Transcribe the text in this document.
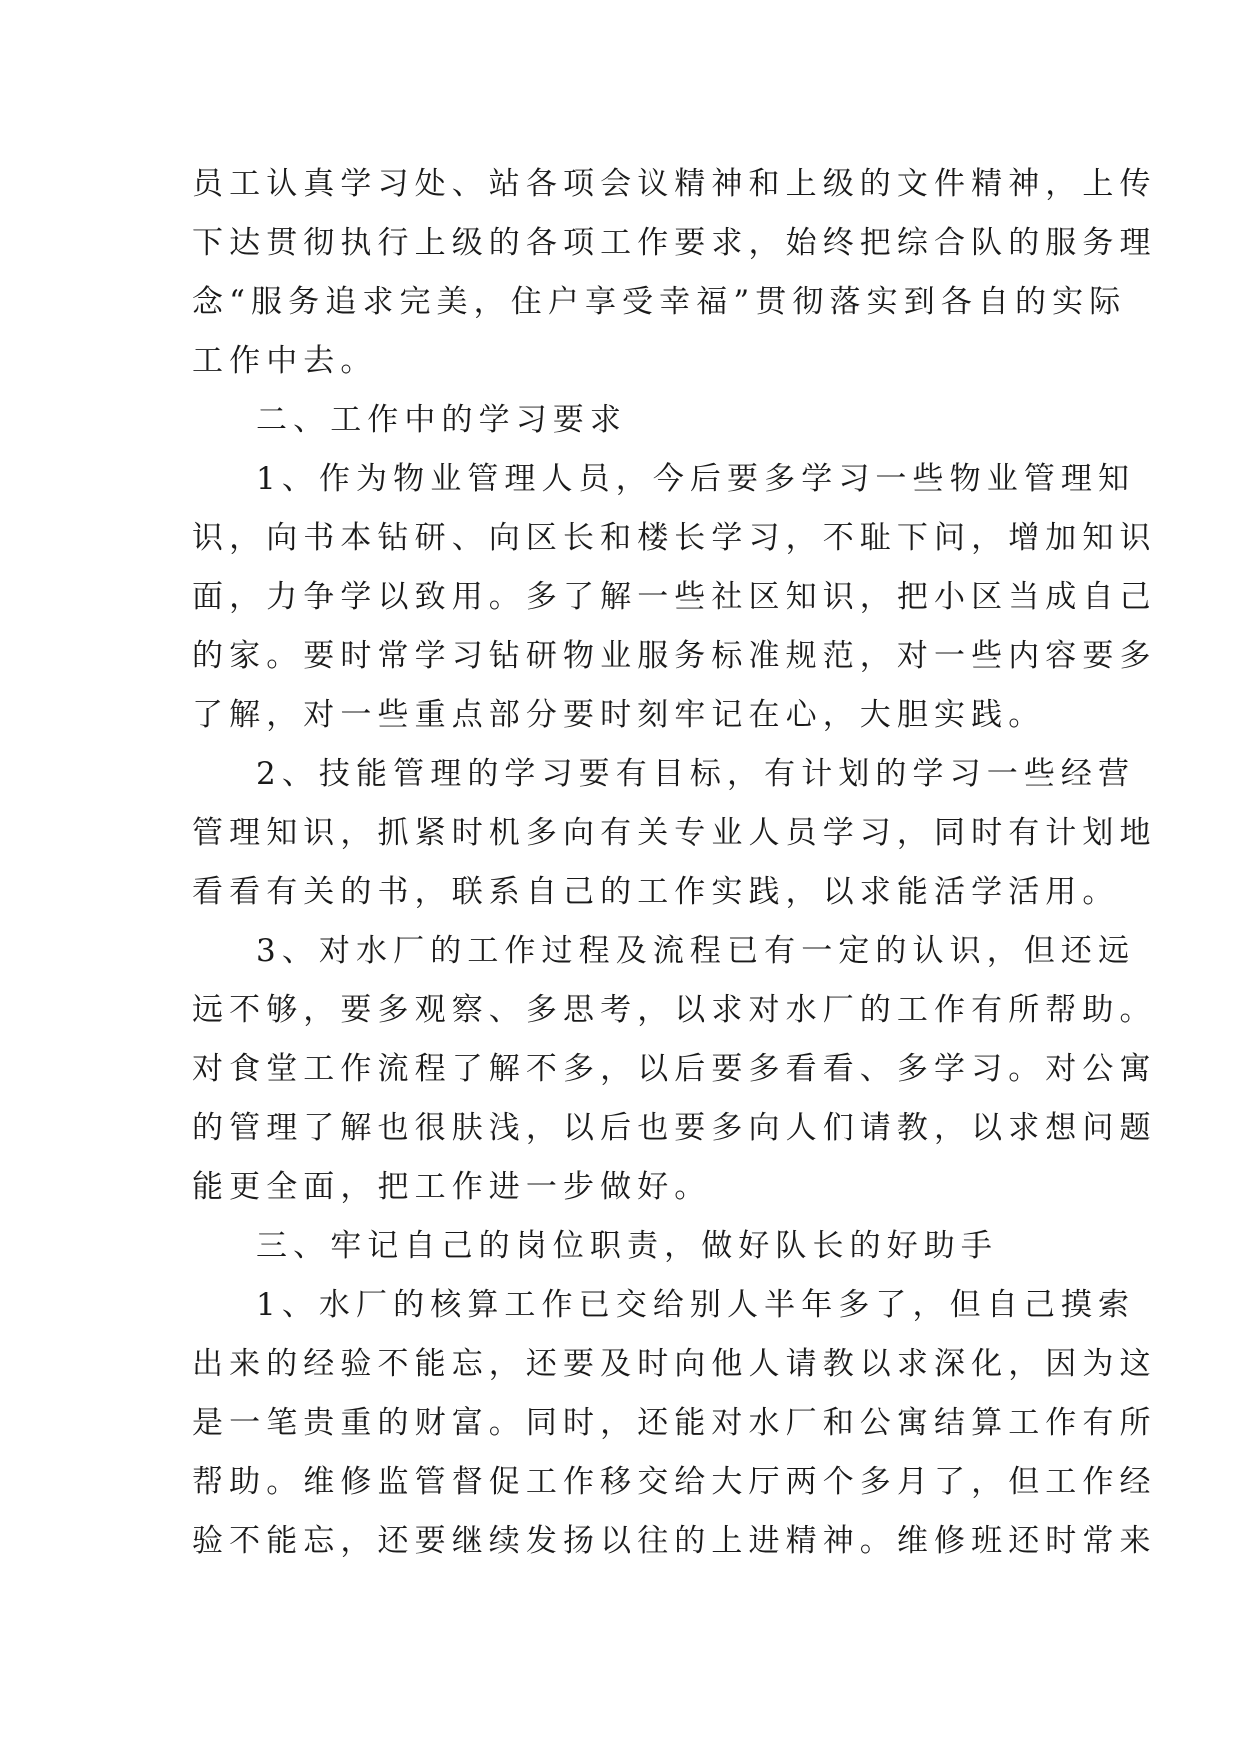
员工认真学习处、站各项会议精神和上级的文件精神，上传
下达贯彻执行上级的各项工作要求，始终把综合队的服务理
念“服务追求完美，住户享受幸福”贯彻落实到各自的实际
工作中去。
二、工作中的学习要求
1、作为物业管理人员，今后要多学习一些物业管理知
识，向书本钻研、向区长和楼长学习，不耻下问，增加知识
面，力争学以致用。多了解一些社区知识，把小区当成自己
的家。要时常学习钻研物业服务标准规范，对一些内容要多
了解，对一些重点部分要时刻牢记在心，大胆实践。
2、技能管理的学习要有目标，有计划的学习一些经营
管理知识，抓紧时机多向有关专业人员学习，同时有计划地
看看有关的书，联系自己的工作实践，以求能活学活用。
3、对水厂的工作过程及流程已有一定的认识，但还远
远不够，要多观察、多思考，以求对水厂的工作有所帮助。
对食堂工作流程了解不多，以后要多看看、多学习。对公寓
的管理了解也很肤浅，以后也要多向人们请教，以求想问题
能更全面，把工作进一步做好。
三、牢记自己的岗位职责，做好队长的好助手
1、水厂的核算工作已交给别人半年多了，但自己摸索
出来的经验不能忘，还要及时向他人请教以求深化，因为这
是一笔贵重的财富。同时，还能对水厂和公寓结算工作有所
帮助。维修监管督促工作移交给大厅两个多月了，但工作经
验不能忘，还要继续发扬以往的上进精神。维修班还时常来
